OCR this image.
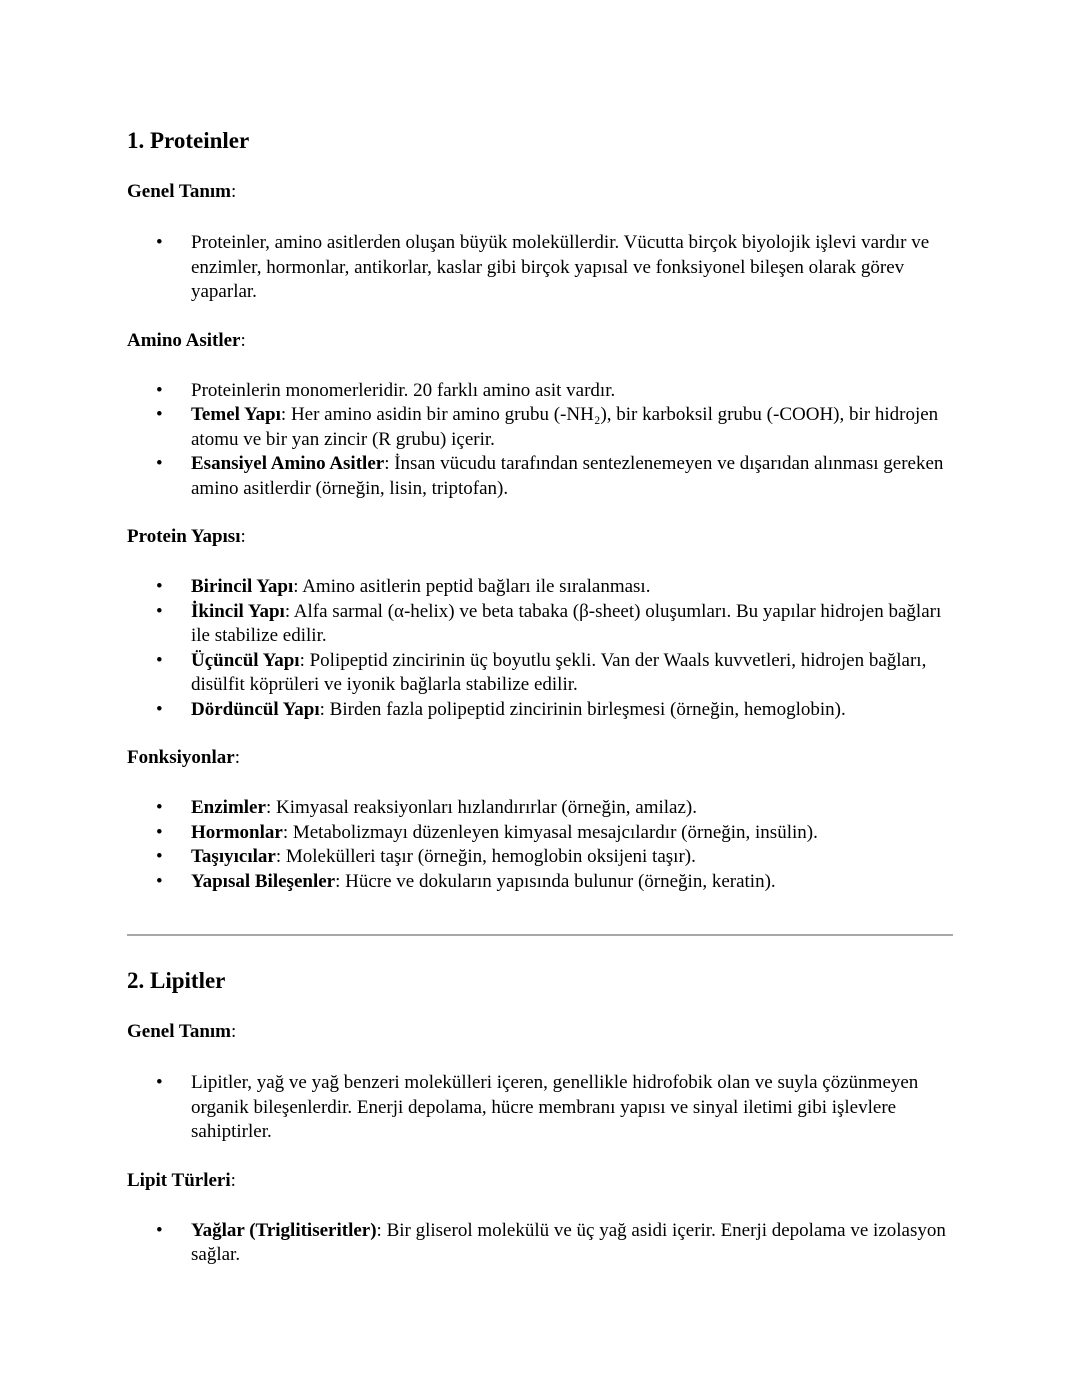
1. Proteinler

Genel Tanım:

• Proteinler, amino asitlerden oluşan büyük moleküllerdir. Vücutta birçok biyolojik işlevi vardır ve enzimler, hormonlar, antikorlar, kaslar gibi birçok yapısal ve fonksiyonel bileşen olarak görev yaparlar.

Amino Asitler:

• Proteinlerin monomerleridir. 20 farklı amino asit vardır.
• Temel Yapı: Her amino asidin bir amino grubu (-NH₂), bir karboksil grubu (-COOH), bir hidrojen atomu ve bir yan zincir (R grubu) içerir.
• Esansiyel Amino Asitler: İnsan vücudu tarafından sentezlenemeyen ve dışarıdan alınması gereken amino asitlerdir (örneğin, lisin, triptofan).

Protein Yapısı:

• Birincil Yapı: Amino asitlerin peptid bağları ile sıralanması.
• İkincil Yapı: Alfa sarmal (α-helix) ve beta tabaka (β-sheet) oluşumları. Bu yapılar hidrojen bağları ile stabilize edilir.
• Üçüncül Yapı: Polipeptid zincirinin üç boyutlu şekli. Van der Waals kuvvetleri, hidrojen bağları, disülfit köprüleri ve iyonik bağlarla stabilize edilir.
• Dördüncül Yapı: Birden fazla polipeptid zincirinin birleşmesi (örneğin, hemoglobin).

Fonksiyonlar:

• Enzimler: Kimyasal reaksiyonları hızlandırırlar (örneğin, amilaz).
• Hormonlar: Metabolizmayı düzenleyen kimyasal mesajcılardır (örneğin, insülin).
• Taşıyıcılar: Molekülleri taşır (örneğin, hemoglobin oksijeni taşır).
• Yapısal Bileşenler: Hücre ve dokuların yapısında bulunur (örneğin, keratin).
2. Lipitler

Genel Tanım:

• Lipitler, yağ ve yağ benzeri molekülleri içeren, genellikle hidrofobik olan ve suyla çözünmeyen organik bileşenlerdir. Enerji depolama, hücre membranı yapısı ve sinyal iletimi gibi işlevlere sahiptirler.

Lipit Türleri:

• Yağlar (Triglitiseritler): Bir gliserol molekülü ve üç yağ asidi içerir. Enerji depolama ve izolasyon sağlar.
